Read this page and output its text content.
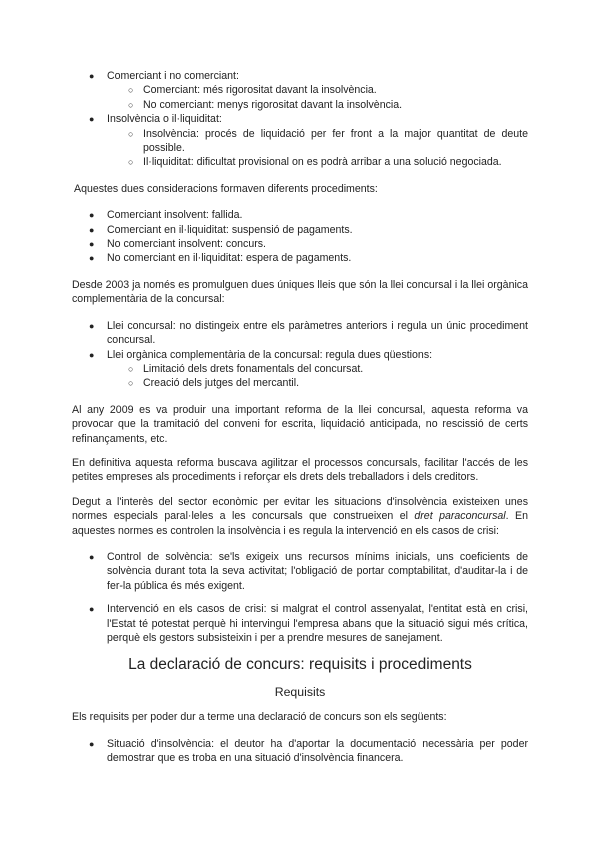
● Comerciant i no comerciant:
○ Comerciant: més rigorositat davant la insolvència.
○ No comerciant: menys rigorositat davant la insolvència.
● Insolvència o il·liquiditat:
○ Insolvència: procés de liquidació per fer front a la major quantitat de deute possible.
○ Il·liquiditat: dificultat provisional on es podrà arribar a una solució negociada.

Aquestes dues consideracions formaven diferents procediments:

● Comerciant insolvent: fallida.
● Comerciant en il·liquiditat: suspensió de pagaments.
● No comerciant insolvent: concurs.
● No comerciant en il·liquiditat: espera de pagaments.

Desde 2003 ja només es promulguen dues úniques lleis que són la llei concursal i la llei orgànica complementària de la concursal:

● Llei concursal: no distingeix entre els paràmetres anteriors i regula un únic procediment concursal.
● Llei orgànica complementària de la concursal: regula dues qüestions:
○ Limitació dels drets fonamentals del concursat.
○ Creació dels jutges del mercantil.

Al any 2009 es va produir una important reforma de la llei concursal, aquesta reforma va provocar que la tramitació del conveni for escrita, liquidació anticipada, no rescissió de certs refinançaments, etc.

En definitiva aquesta reforma buscava agilitzar el processos concursals, facilitar l'accés de les petites empreses als procediments i reforçar els drets dels treballadors i dels creditors.

Degut a l'interès del sector econòmic per evitar les situacions d'insolvència existeixen unes normes especials paral·leles a les concursals que construeixen el dret paraconcursal. En aquestes normes es controlen la insolvència i es regula la intervenció en els casos de crisi:

● Control de solvència: se'ls exigeix uns recursos mínims inicials, uns coeficients de solvència durant tota la seva activitat; l'obligació de portar comptabilitat, d'auditar-la i de fer-la pública és més exigent.
● Intervenció en els casos de crisi: si malgrat el control assenyalat, l'entitat està en crisi, l'Estat té potestat perquè hi intervingui l'empresa abans que la situació sigui més crítica, perquè els gestors subsisteixin i per a prendre mesures de sanejament.
La declaració de concurs: requisits i procediments
Requisits

Els requisits per poder dur a terme una declaració de concurs son els següents:

● Situació d'insolvència: el deutor ha d'aportar la documentació necessària per poder demostrar que es troba en una situació d'insolvència financera.
